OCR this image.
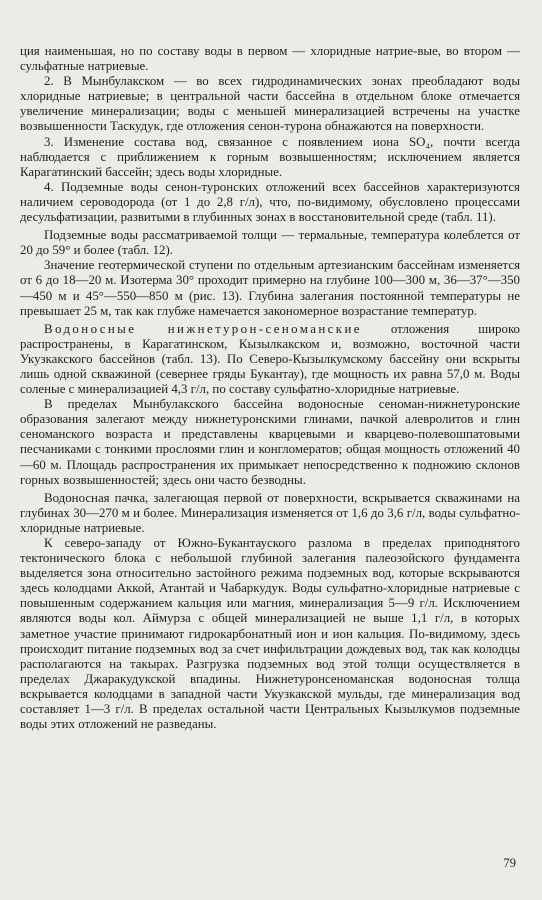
ция наименьшая, но по составу воды в первом — хлоридные натрие-вые, во втором — сульфатные натриевые.

2. В Мынбулакском — во всех гидродинамических зонах преобладают воды хлоридные натриевые; в центральной части бассейна в отдельном блоке отмечается увеличение минерализации; воды с меньшей минерализацией встречены на участке возвышенности Таскудук, где отложения сенон-турона обнажаются на поверхности.

3. Изменение состава вод, связанное с появлением иона SO₄, почти всегда наблюдается с приближением к горным возвышенностям; исключением является Карагатинский бассейн; здесь воды хлоридные.

4. Подземные воды сенон-туронских отложений всех бассейнов характеризуются наличием сероводорода (от 1 до 2,8 г/л), что, по-видимому, обусловлено процессами десульфатизации, развитыми в глубинных зонах в восстановительной среде (табл. 11).

Подземные воды рассматриваемой толщи — термальные, температура колеблется от 20 до 59° и более (табл. 12).

Значение геотермической ступени по отдельным артезианским бассейнам изменяется от 6 до 18—20 м. Изотерма 30° проходит примерно на глубине 100—300 м, 36—37°—350—450 м и 45°—550—850 м (рис. 13). Глубина залегания постоянной температуры не превышает 25 м, так как глубже намечается закономерное возрастание температур.

Водоносные нижнетурон-сеноманские отложения широко распространены, в Карагатинском, Кызылкакском и, возможно, восточной части Укузкакского бассейнов (табл. 13). По Северо-Кызылкумскому бассейну они вскрыты лишь одной скважиной (севернее гряды Букантау), где мощность их равна 57,0 м. Воды соленые с минерализацией 4,3 г/л, по составу сульфатно-хлоридные натриевые.

В пределах Мынбулакского бассейна водоносные сеноман-нижнетуронские образования залегают между нижнетуронскими глинами, пачкой алевролитов и глин сеноманского возраста и представлены кварцевыми и кварцево-полевошпатовыми песчаниками с тонкими прослоями глин и конгломератов; общая мощность отложений 40—60 м. Площадь распространения их примыкает непосредственно к подножию склонов горных возвышенностей; здесь они часто безводны.

Водоносная пачка, залегающая первой от поверхности, вскрывается скважинами на глубинах 30—270 м и более. Минерализация изменяется от 1,6 до 3,6 г/л, воды сульфатно-хлоридные натриевые.

К северо-западу от Южно-Букантауского разлома в пределах приподнятого тектонического блока с небольшой глубиной залегания палеозойского фундамента выделяется зона относительно застойного режима подземных вод, которые вскрываются здесь колодцами Аккой, Атантай и Чабаркудук. Воды сульфатно-хлоридные натриевые с повышенным содержанием кальция или магния, минерализация 5—9 г/л. Исключением являются воды кол. Аймурза с общей минерализацией не выше 1,1 г/л, в которых заметное участие принимают гидрокарбонатный ион и ион кальция. По-видимому, здесь происходит питание подземных вод за счет инфильтрации дождевых вод, так как колодцы располагаются на такырах. Разгрузка подземных вод этой толщи осуществляется в пределах Джаракудукской впадины. Нижнетуронсеноманская водоносная толща вскрывается колодцами в западной части Укузкакской мульды, где минерализация вод составляет 1—3 г/л. В пределах остальной части Центральных Кызылкумов подземные воды этих отложений не разведаны.

79
